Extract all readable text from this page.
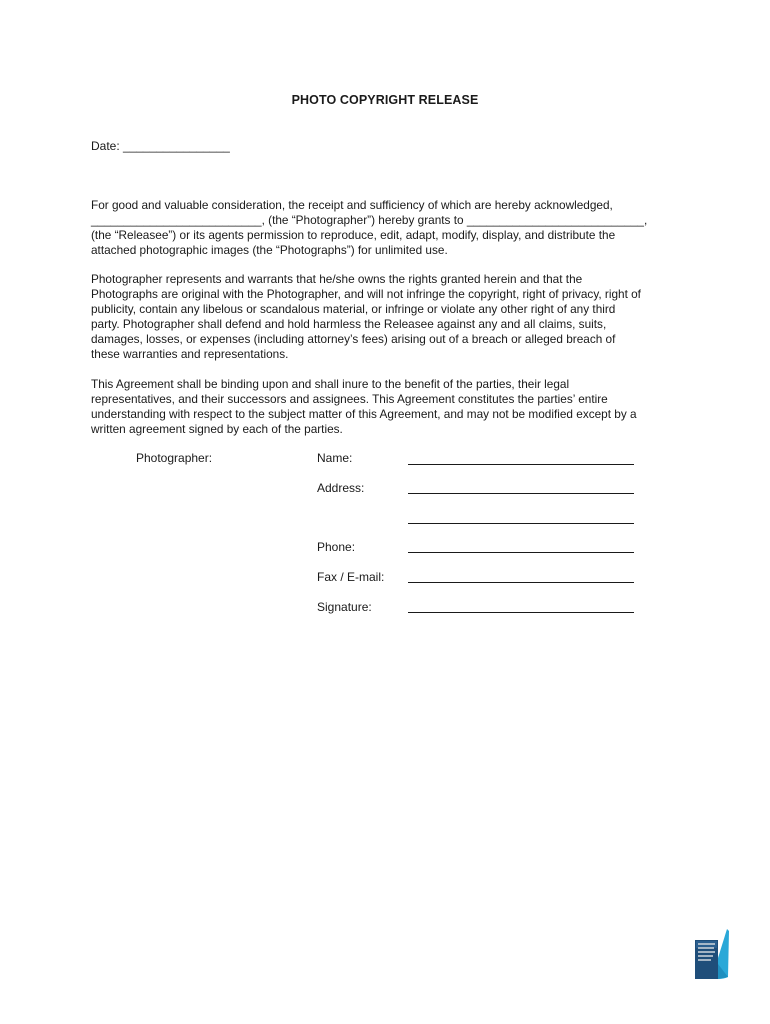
PHOTO COPYRIGHT RELEASE
Date: ________________

For good and valuable consideration, the receipt and sufficiency of which are hereby acknowledged,
__________________________, (the “Photographer”) hereby grants to ___________________________,
(the “Releasee”) or its agents permission to reproduce, edit, adapt, modify, display, and distribute the
attached photographic images (the “Photographs”) for unlimited use.

Photographer represents and warrants that he/she owns the rights granted herein and that the
Photographs are original with the Photographer, and will not infringe the copyright, right of privacy, right of
publicity, contain any libelous or scandalous material, or infringe or violate any other right of any third
party. Photographer shall defend and hold harmless the Releasee against any and all claims, suits,
damages, losses, or expenses (including attorney’s fees) arising out of a breach or alleged breach of
these warranties and representations.

This Agreement shall be binding upon and shall inure to the benefit of the parties, their legal
representatives, and their successors and assignees. This Agreement constitutes the parties’ entire
understanding with respect to the subject matter of this Agreement, and may not be modified except by a
written agreement signed by each of the parties.

Photographer:	Name:
Address:
Phone:
Fax / E-mail:
Signature:
